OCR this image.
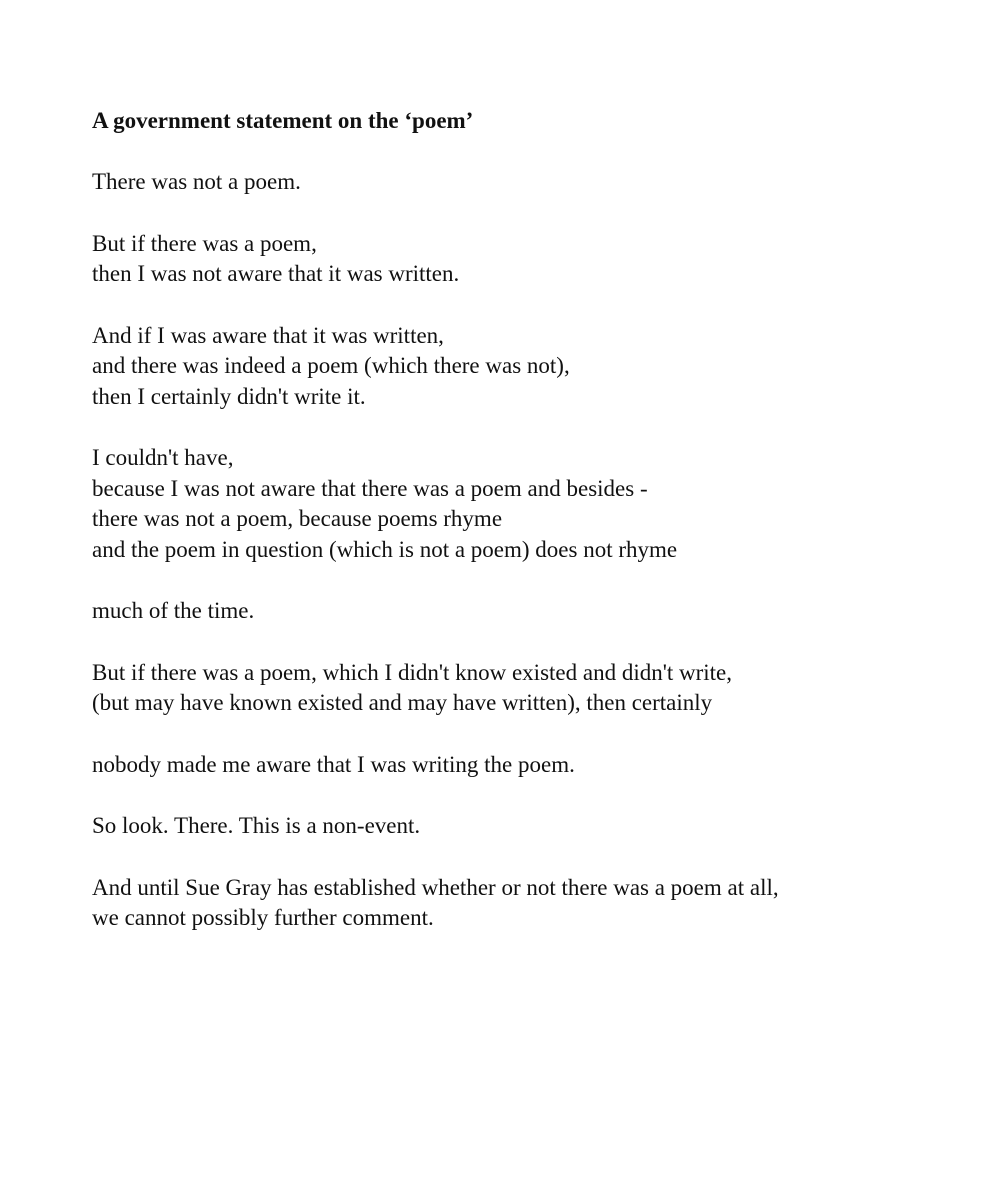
A government statement on the ‘poem’
There was not a poem.
But if there was a poem,
then I was not aware that it was written.
And if I was aware that it was written,
and there was indeed a poem (which there was not),
then I certainly didn't write it.
I couldn't have,
because I was not aware that there was a poem and besides -
there was not a poem, because poems rhyme
and the poem in question (which is not a poem) does not rhyme
much of the time.
But if there was a poem, which I didn't know existed and didn't write,
(but may have known existed and may have written), then certainly
nobody made me aware that I was writing the poem.
So look. There. This is a non-event.
And until Sue Gray has established whether or not there was a poem at all,
we cannot possibly further comment.
